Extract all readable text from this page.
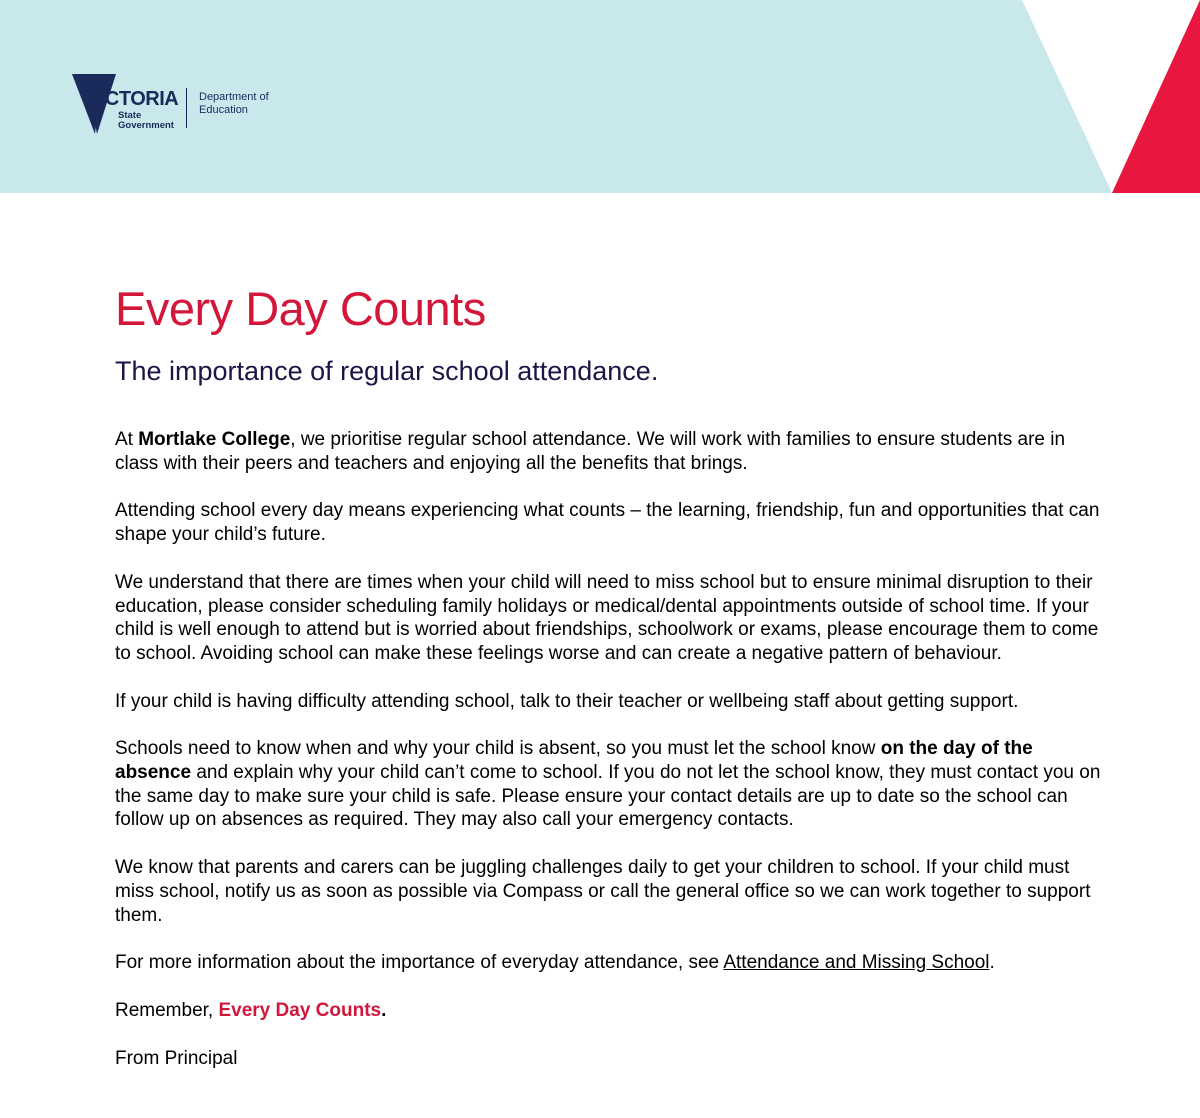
VICTORIA
State Government
Department of Education
Every Day Counts
The importance of regular school attendance.

At Mortlake College, we prioritise regular school attendance. We will work with families to ensure students are in class with their peers and teachers and enjoying all the benefits that brings.

Attending school every day means experiencing what counts – the learning, friendship, fun and opportunities that can shape your child’s future.

We understand that there are times when your child will need to miss school but to ensure minimal disruption to their education, please consider scheduling family holidays or medical/dental appointments outside of school time. If your child is well enough to attend but is worried about friendships, schoolwork or exams, please encourage them to come to school. Avoiding school can make these feelings worse and can create a negative pattern of behaviour.

If your child is having difficulty attending school, talk to their teacher or wellbeing staff about getting support.

Schools need to know when and why your child is absent, so you must let the school know on the day of the absence and explain why your child can’t come to school. If you do not let the school know, they must contact you on the same day to make sure your child is safe. Please ensure your contact details are up to date so the school can follow up on absences as required. They may also call your emergency contacts.

We know that parents and carers can be juggling challenges daily to get your children to school. If your child must miss school, notify us as soon as possible via Compass or call the general office so we can work together to support them.

For more information about the importance of everyday attendance, see Attendance and Missing School.

Remember, Every Day Counts.

From Principal
